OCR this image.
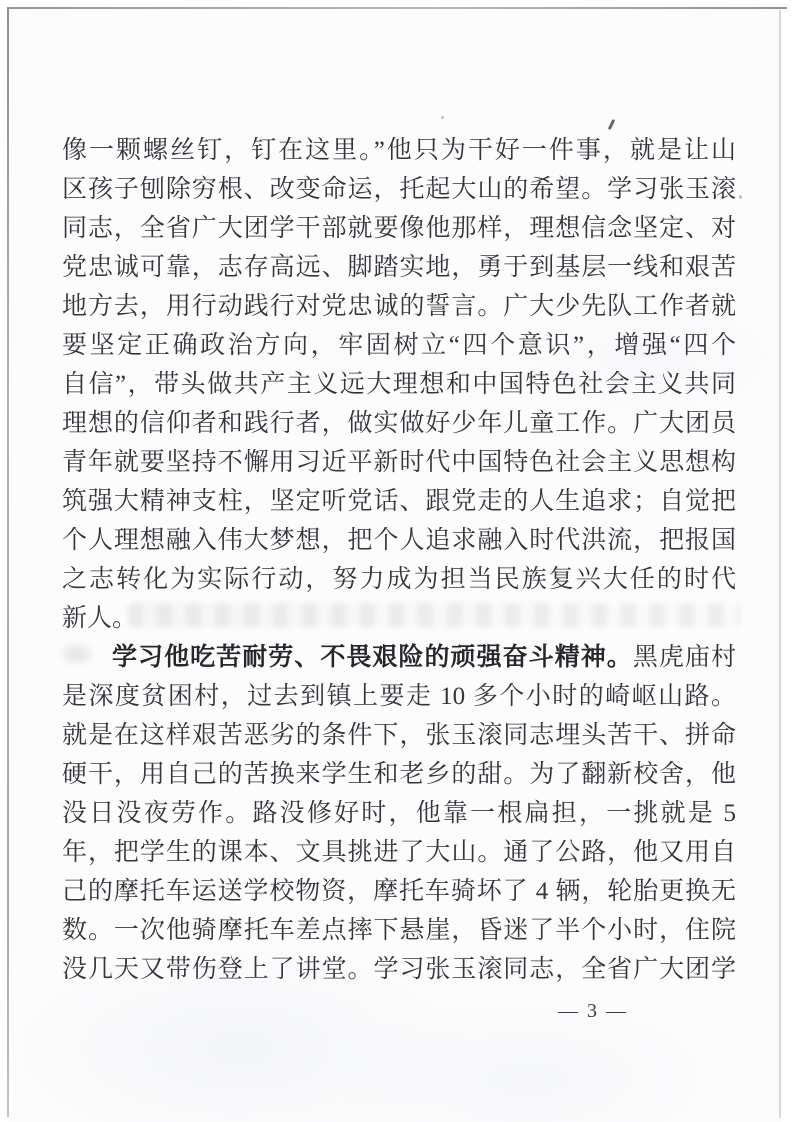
像一颗螺丝钉，钉在这里。”他只为干好一件事，就是让山
区孩子刨除穷根、改变命运，托起大山的希望。学习张玉滚
同志，全省广大团学干部就要像他那样，理想信念坚定、对
党忠诚可靠，志存高远、脚踏实地，勇于到基层一线和艰苦
地方去，用行动践行对党忠诚的誓言。广大少先队工作者就
要坚定正确政治方向，牢固树立“四个意识”，增强“四个
自信”，带头做共产主义远大理想和中国特色社会主义共同
理想的信仰者和践行者，做实做好少年儿童工作。广大团员
青年就要坚持不懈用习近平新时代中国特色社会主义思想构
筑强大精神支柱，坚定听党话、跟党走的人生追求；自觉把
个人理想融入伟大梦想，把个人追求融入时代洪流，把报国
之志转化为实际行动，努力成为担当民族复兴大任的时代
新人。
学习他吃苦耐劳、不畏艰险的顽强奋斗精神。黑虎庙村
是深度贫困村，过去到镇上要走 10 多个小时的崎岖山路。
就是在这样艰苦恶劣的条件下，张玉滚同志埋头苦干、拼命
硬干，用自己的苦换来学生和老乡的甜。为了翻新校舍，他
没日没夜劳作。路没修好时，他靠一根扁担，一挑就是 5
年，把学生的课本、文具挑进了大山。通了公路，他又用自
己的摩托车运送学校物资，摩托车骑坏了 4 辆，轮胎更换无
数。一次他骑摩托车差点摔下悬崖，昏迷了半个小时，住院
没几天又带伤登上了讲堂。学习张玉滚同志，全省广大团学
— 3 —
